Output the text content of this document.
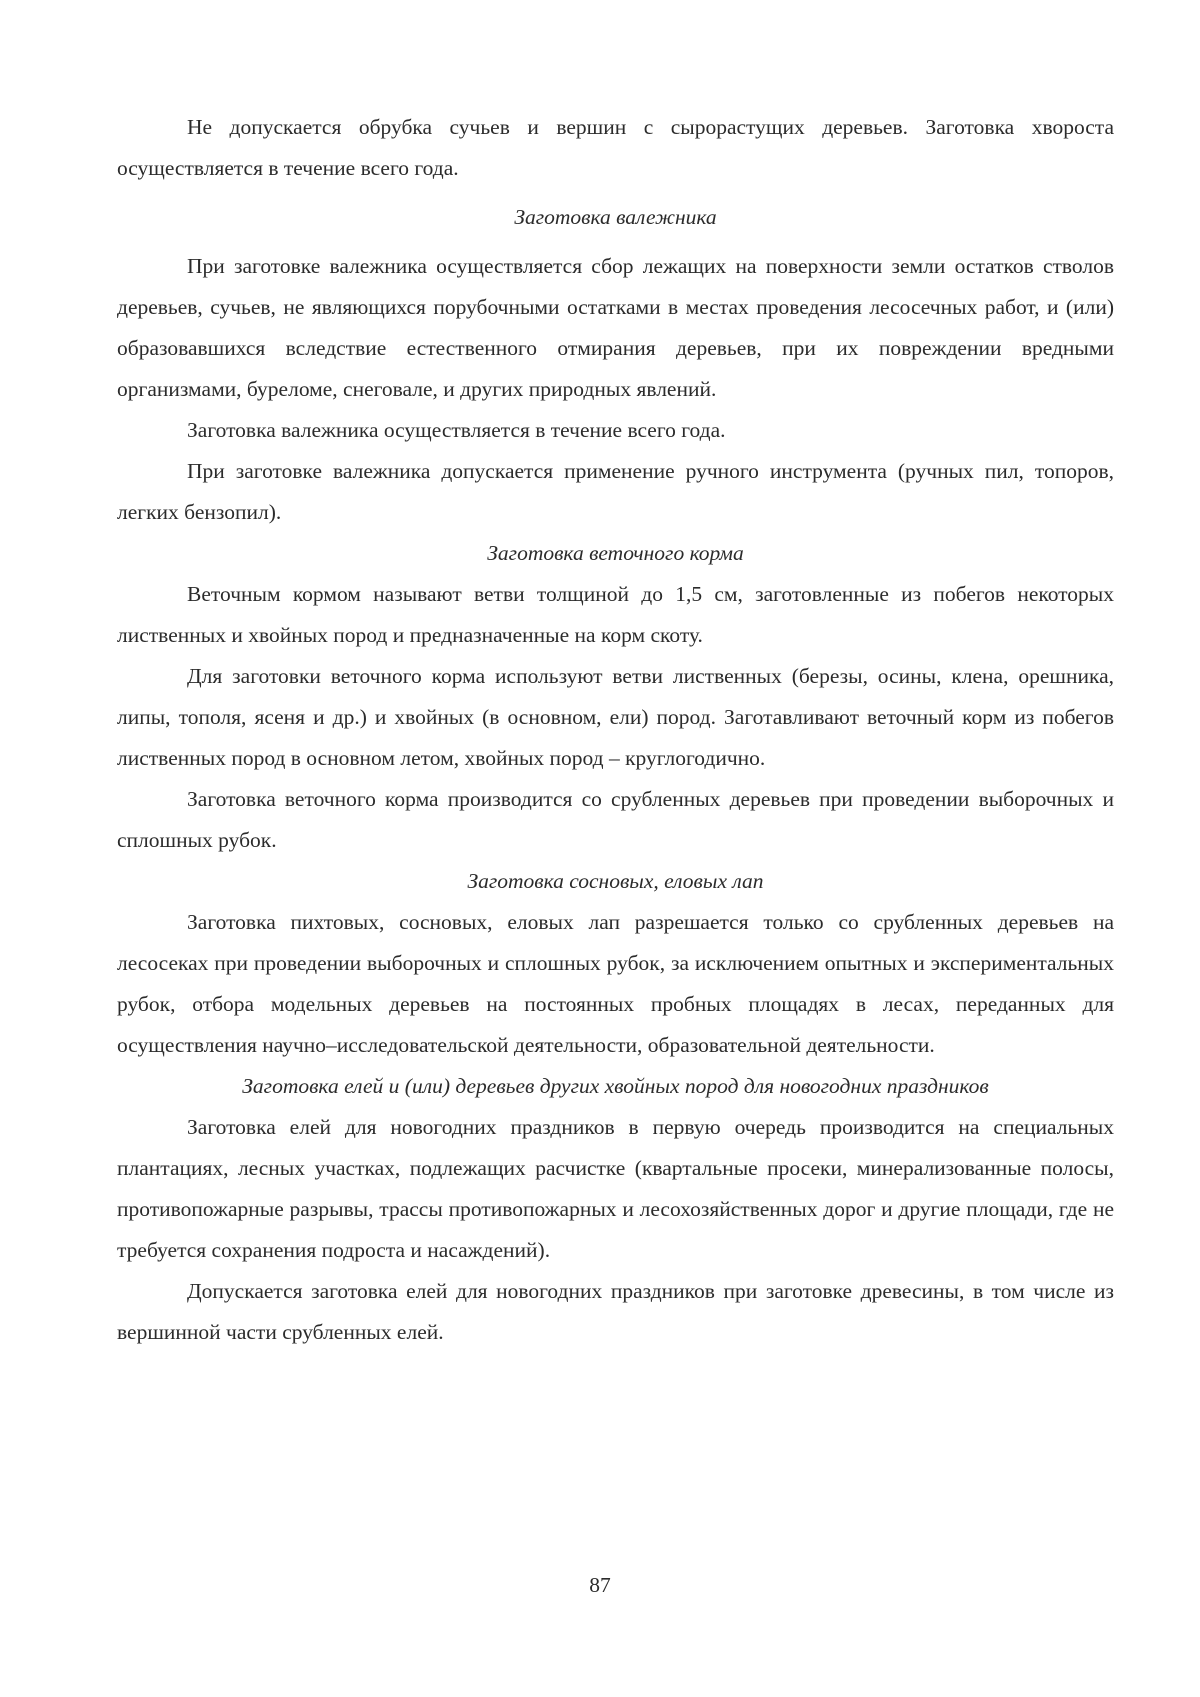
Не допускается обрубка сучьев и вершин с сырорастущих деревьев. Заготовка хвороста осуществляется в течение всего года.

Заготовка валежника

При заготовке валежника осуществляется сбор лежащих на поверхности земли остатков стволов деревьев, сучьев, не являющихся порубочными остатками в местах проведения лесосечных работ, и (или) образовавшихся вследствие естественного отмирания деревьев, при их повреждении вредными организмами, буреломе, снеговале, и других природных явлений.

Заготовка валежника осуществляется в течение всего года.

При заготовке валежника допускается применение ручного инструмента (ручных пил, топоров, легких бензопил).

Заготовка веточного корма

Веточным кормом называют ветви толщиной до 1,5 см, заготовленные из побегов некоторых лиственных и хвойных пород и предназначенные на корм скоту.

Для заготовки веточного корма используют ветви лиственных (березы, осины, клена, орешника, липы, тополя, ясеня и др.) и хвойных (в основном, ели) пород. Заготавливают веточный корм из побегов лиственных пород в основном летом, хвойных пород – круглогодично.

Заготовка веточного корма производится со срубленных деревьев при проведении выборочных и сплошных рубок.

Заготовка сосновых, еловых лап

Заготовка пихтовых, сосновых, еловых лап разрешается только со срубленных деревьев на лесосеках при проведении выборочных и сплошных рубок, за исключением опытных и экспериментальных рубок, отбора модельных деревьев на постоянных пробных площадях в лесах, переданных для осуществления научно–исследовательской деятельности, образовательной деятельности.

Заготовка елей и (или) деревьев других хвойных пород для новогодних праздников

Заготовка елей для новогодних праздников в первую очередь производится на специальных плантациях, лесных участках, подлежащих расчистке (квартальные просеки, минерализованные полосы, противопожарные разрывы, трассы противопожарных и лесохозяйственных дорог и другие площади, где не требуется сохранения подроста и насаждений).

Допускается заготовка елей для новогодних праздников при заготовке древесины, в том числе из вершинной части срубленных елей.

87
